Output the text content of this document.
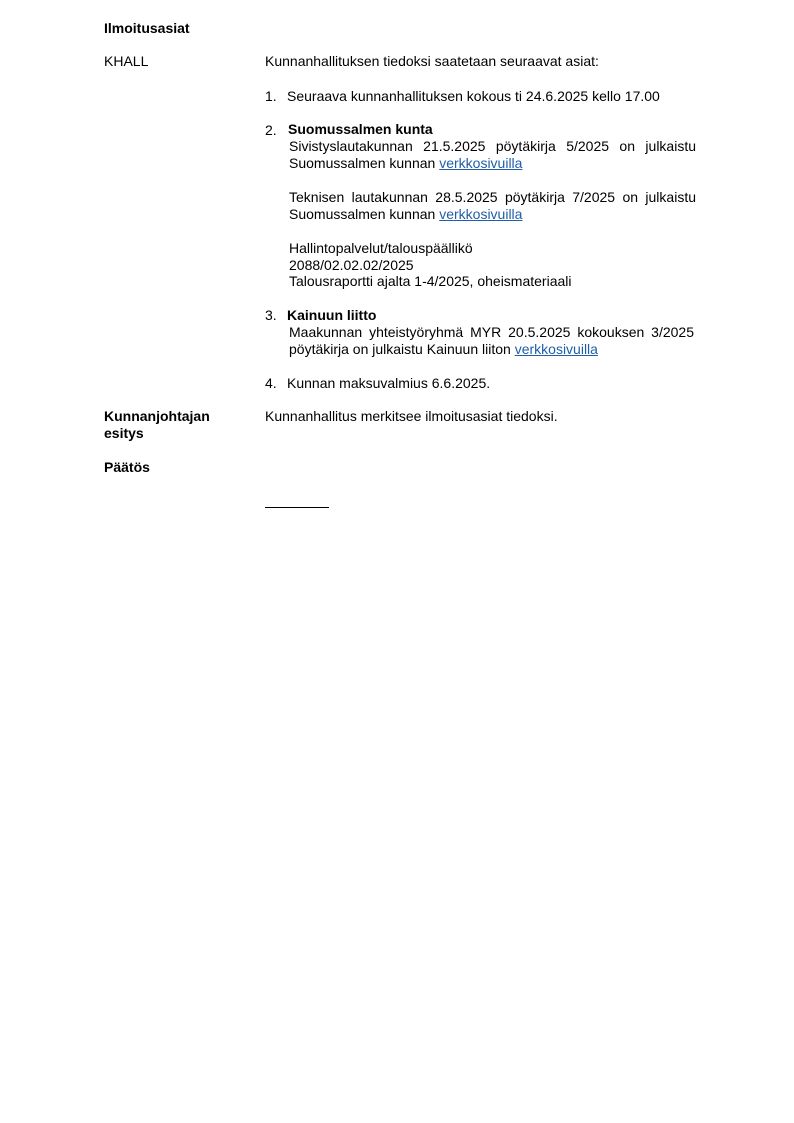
Ilmoitusasiat
KHALL	Kunnanhallituksen tiedoksi saatetaan seuraavat asiat:
1. Seuraava kunnanhallituksen kokous ti 24.6.2025 kello 17.00
2. Suomussalmen kunta
Sivistyslautakunnan 21.5.2025 pöytäkirja 5/2025 on julkaistu
Suomussalmen kunnan verkkosivuilla
Teknisen lautakunnan 28.5.2025 pöytäkirja 7/2025 on julkaistu
Suomussalmen kunnan verkkosivuilla
Hallintopalvelut/talouspäällikö
2088/02.02.02/2025
Talousraportti ajalta 1-4/2025, oheismateriaali
3. Kainuun liitto
Maakunnan yhteistyöryhmä MYR 20.5.2025 kokouksen 3/2025
pöytäkirja on julkaistu Kainuun liiton verkkosivuilla
4. Kunnan maksuvalmius 6.6.2025.
Kunnanjohtajan
esitys
Kunnanhallitus merkitsee ilmoitusasiat tiedoksi.
Päätös
